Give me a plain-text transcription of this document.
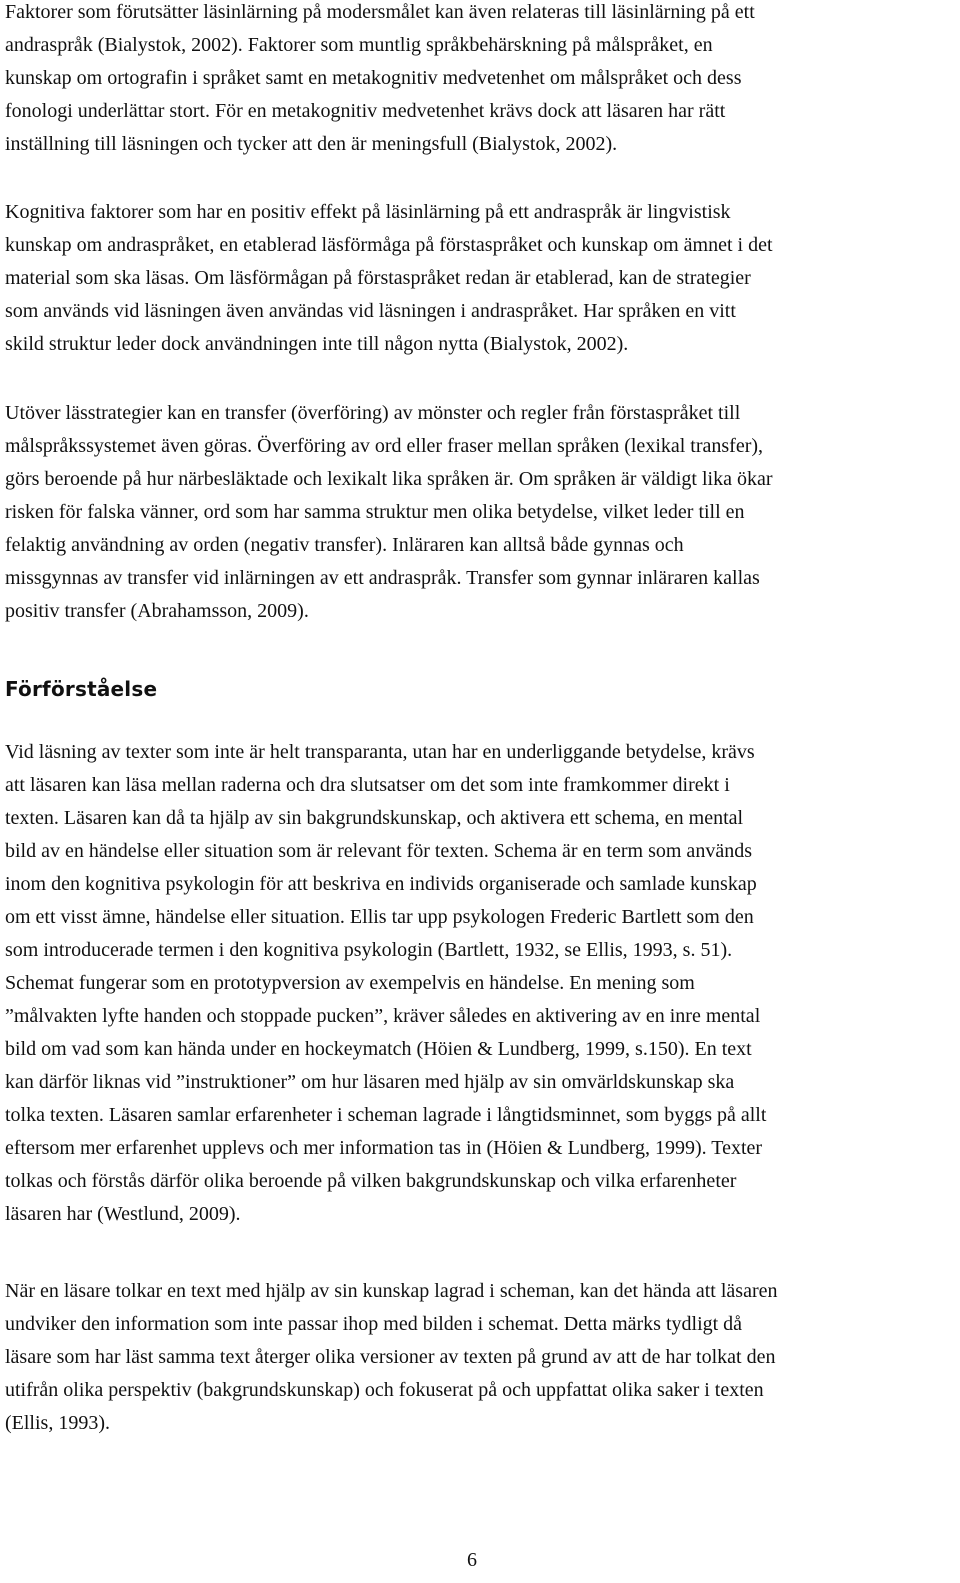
Faktorer som förutsätter läsinlärning på modersmålet kan även relateras till läsinlärning på ett
andraspråk (Bialystok, 2002). Faktorer som muntlig språkbehärskning på målspråket, en
kunskap om ortografin i språket samt en metakognitiv medvetenhet om målspråket och dess
fonologi underlättar stort. För en metakognitiv medvetenhet krävs dock att läsaren har rätt
inställning till läsningen och tycker att den är meningsfull (Bialystok, 2002).

Kognitiva faktorer som har en positiv effekt på läsinlärning på ett andraspråk är lingvistisk
kunskap om andraspråket, en etablerad läsförmåga på förstaspråket och kunskap om ämnet i det
material som ska läsas. Om läsförmågan på förstaspråket redan är etablerad, kan de strategier
som används vid läsningen även användas vid läsningen i andraspråket. Har språken en vitt
skild struktur leder dock användningen inte till någon nytta (Bialystok, 2002).

Utöver lässtrategier kan en transfer (överföring) av mönster och regler från förstaspråket till
målspråkssystemet även göras. Överföring av ord eller fraser mellan språken (lexikal transfer),
görs beroende på hur närbesläktade och lexikalt lika språken är. Om språken är väldigt lika ökar
risken för falska vänner, ord som har samma struktur men olika betydelse, vilket leder till en
felaktig användning av orden (negativ transfer). Inläraren kan alltså både gynnas och
missgynnas av transfer vid inlärningen av ett andraspråk. Transfer som gynnar inläraren kallas
positiv transfer (Abrahamsson, 2009).

Förförståelse

Vid läsning av texter som inte är helt transparanta, utan har en underliggande betydelse, krävs
att läsaren kan läsa mellan raderna och dra slutsatser om det som inte framkommer direkt i
texten. Läsaren kan då ta hjälp av sin bakgrundskunskap, och aktivera ett schema, en mental
bild av en händelse eller situation som är relevant för texten. Schema är en term som används
inom den kognitiva psykologin för att beskriva en individs organiserade och samlade kunskap
om ett visst ämne, händelse eller situation. Ellis tar upp psykologen Frederic Bartlett som den
som introducerade termen i den kognitiva psykologin (Bartlett, 1932, se Ellis, 1993, s. 51).
Schemat fungerar som en prototypversion av exempelvis en händelse. En mening som
”målvakten lyfte handen och stoppade pucken”, kräver således en aktivering av en inre mental
bild om vad som kan hända under en hockeymatch (Höien & Lundberg, 1999, s.150). En text
kan därför liknas vid ”instruktioner” om hur läsaren med hjälp av sin omvärldskunskap ska
tolka texten. Läsaren samlar erfarenheter i scheman lagrade i långtidsminnet, som byggs på allt
eftersom mer erfarenhet upplevs och mer information tas in (Höien & Lundberg, 1999). Texter
tolkas och förstås därför olika beroende på vilken bakgrundskunskap och vilka erfarenheter
läsaren har (Westlund, 2009).

När en läsare tolkar en text med hjälp av sin kunskap lagrad i scheman, kan det hända att läsaren
undviker den information som inte passar ihop med bilden i schemat. Detta märks tydligt då
läsare som har läst samma text återger olika versioner av texten på grund av att de har tolkat den
utifrån olika perspektiv (bakgrundskunskap) och fokuserat på och uppfattat olika saker i texten
(Ellis, 1993).

6
